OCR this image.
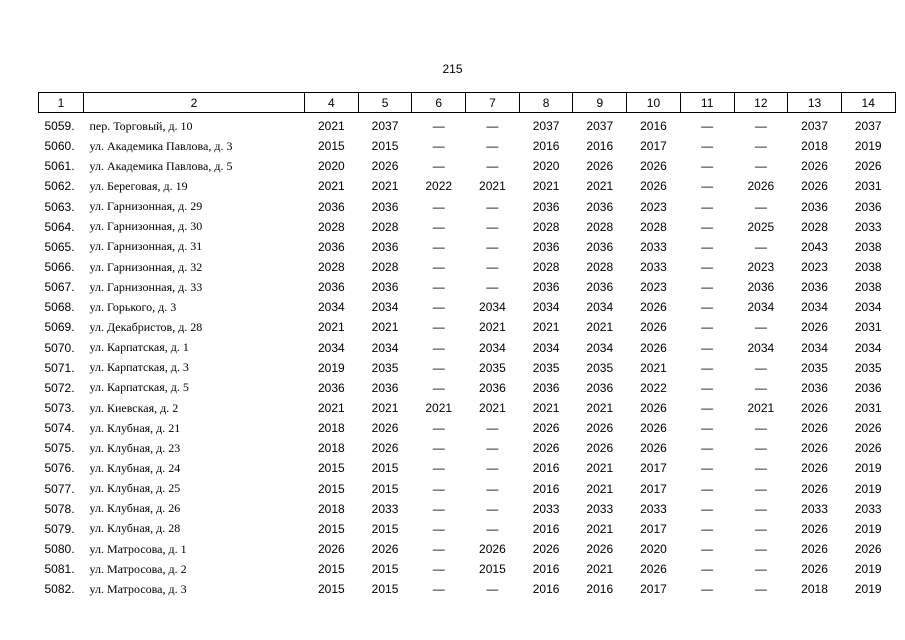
215
1	2	4	5	6	7	8	9	10	11	12	13	14
5059.	пер. Торговый, д. 10	2021	2037	—	—	2037	2037	2016	—	—	2037	2037
5060.	ул. Академика Павлова, д. 3	2015	2015	—	—	2016	2016	2017	—	—	2018	2019
5061.	ул. Академика Павлова, д. 5	2020	2026	—	—	2020	2026	2026	—	—	2026	2026
5062.	ул. Береговая, д. 19	2021	2021	2022	2021	2021	2021	2026	—	2026	2026	2031
5063.	ул. Гарнизонная, д. 29	2036	2036	—	—	2036	2036	2023	—	—	2036	2036
5064.	ул. Гарнизонная, д. 30	2028	2028	—	—	2028	2028	2028	—	2025	2028	2033
5065.	ул. Гарнизонная, д. 31	2036	2036	—	—	2036	2036	2033	—	—	2043	2038
5066.	ул. Гарнизонная, д. 32	2028	2028	—	—	2028	2028	2033	—	2023	2023	2038
5067.	ул. Гарнизонная, д. 33	2036	2036	—	—	2036	2036	2023	—	2036	2036	2038
5068.	ул. Горького, д. 3	2034	2034	—	2034	2034	2034	2026	—	2034	2034	2034
5069.	ул. Декабристов, д. 28	2021	2021	—	2021	2021	2021	2026	—	—	2026	2031
5070.	ул. Карпатская, д. 1	2034	2034	—	2034	2034	2034	2026	—	2034	2034	2034
5071.	ул. Карпатская, д. 3	2019	2035	—	2035	2035	2035	2021	—	—	2035	2035
5072.	ул. Карпатская, д. 5	2036	2036	—	2036	2036	2036	2022	—	—	2036	2036
5073.	ул. Киевская, д. 2	2021	2021	2021	2021	2021	2021	2026	—	2021	2026	2031
5074.	ул. Клубная, д. 21	2018	2026	—	—	2026	2026	2026	—	—	2026	2026
5075.	ул. Клубная, д. 23	2018	2026	—	—	2026	2026	2026	—	—	2026	2026
5076.	ул. Клубная, д. 24	2015	2015	—	—	2016	2021	2017	—	—	2026	2019
5077.	ул. Клубная, д. 25	2015	2015	—	—	2016	2021	2017	—	—	2026	2019
5078.	ул. Клубная, д. 26	2018	2033	—	—	2033	2033	2033	—	—	2033	2033
5079.	ул. Клубная, д. 28	2015	2015	—	—	2016	2021	2017	—	—	2026	2019
5080.	ул. Матросова, д. 1	2026	2026	—	2026	2026	2026	2020	—	—	2026	2026
5081.	ул. Матросова, д. 2	2015	2015	—	2015	2016	2021	2026	—	—	2026	2019
5082.	ул. Матросова, д. 3	2015	2015	—	—	2016	2016	2017	—	—	2018	2019
